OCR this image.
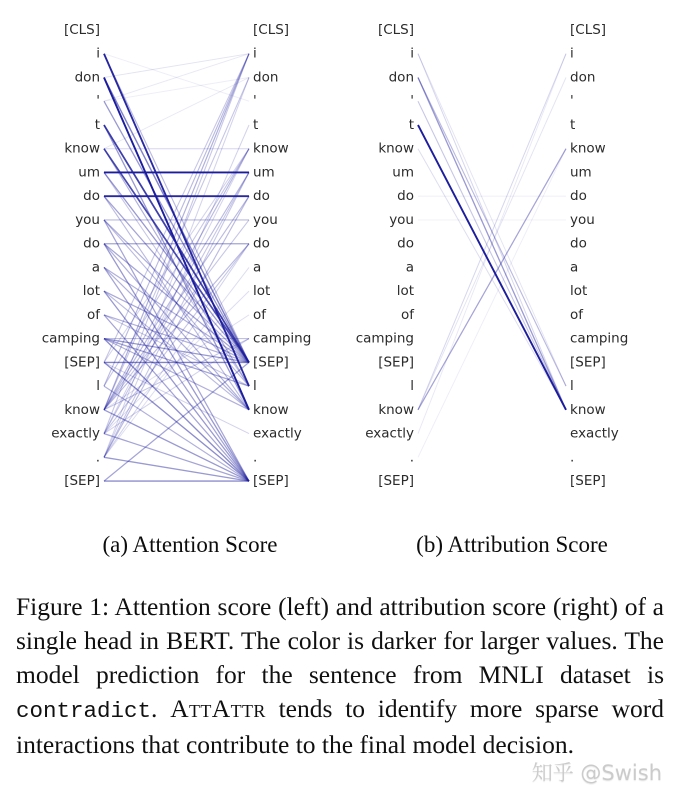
[CLS]	[CLS]
i	i
don	don
'	'
t	t
know	know
um	um
do	do
you	you
do	do
a	a
lot	lot
of	of
camping	camping
[SEP]	[SEP]
l	l
know	know
exactly	exactly
.	.
[SEP]	[SEP]
[CLS]	[CLS]
i	i
don	don
'	'
t	t
know	know
um	um
do	do
you	you
do	do
a	a
lot	lot
of	of
camping	camping
[SEP]	[SEP]
l	l
know	know
exactly	exactly
.	.
[SEP]	[SEP]
(a) Attention Score	(b) Attribution Score
Figure 1: Attention score (left) and attribution score (right) of a single head in BERT. The color is darker for larger values. The model prediction for the sentence from MNLI dataset is contradict. AttAttr tends to identify more sparse word interactions that contribute to the final model decision.
知乎 @Swish
